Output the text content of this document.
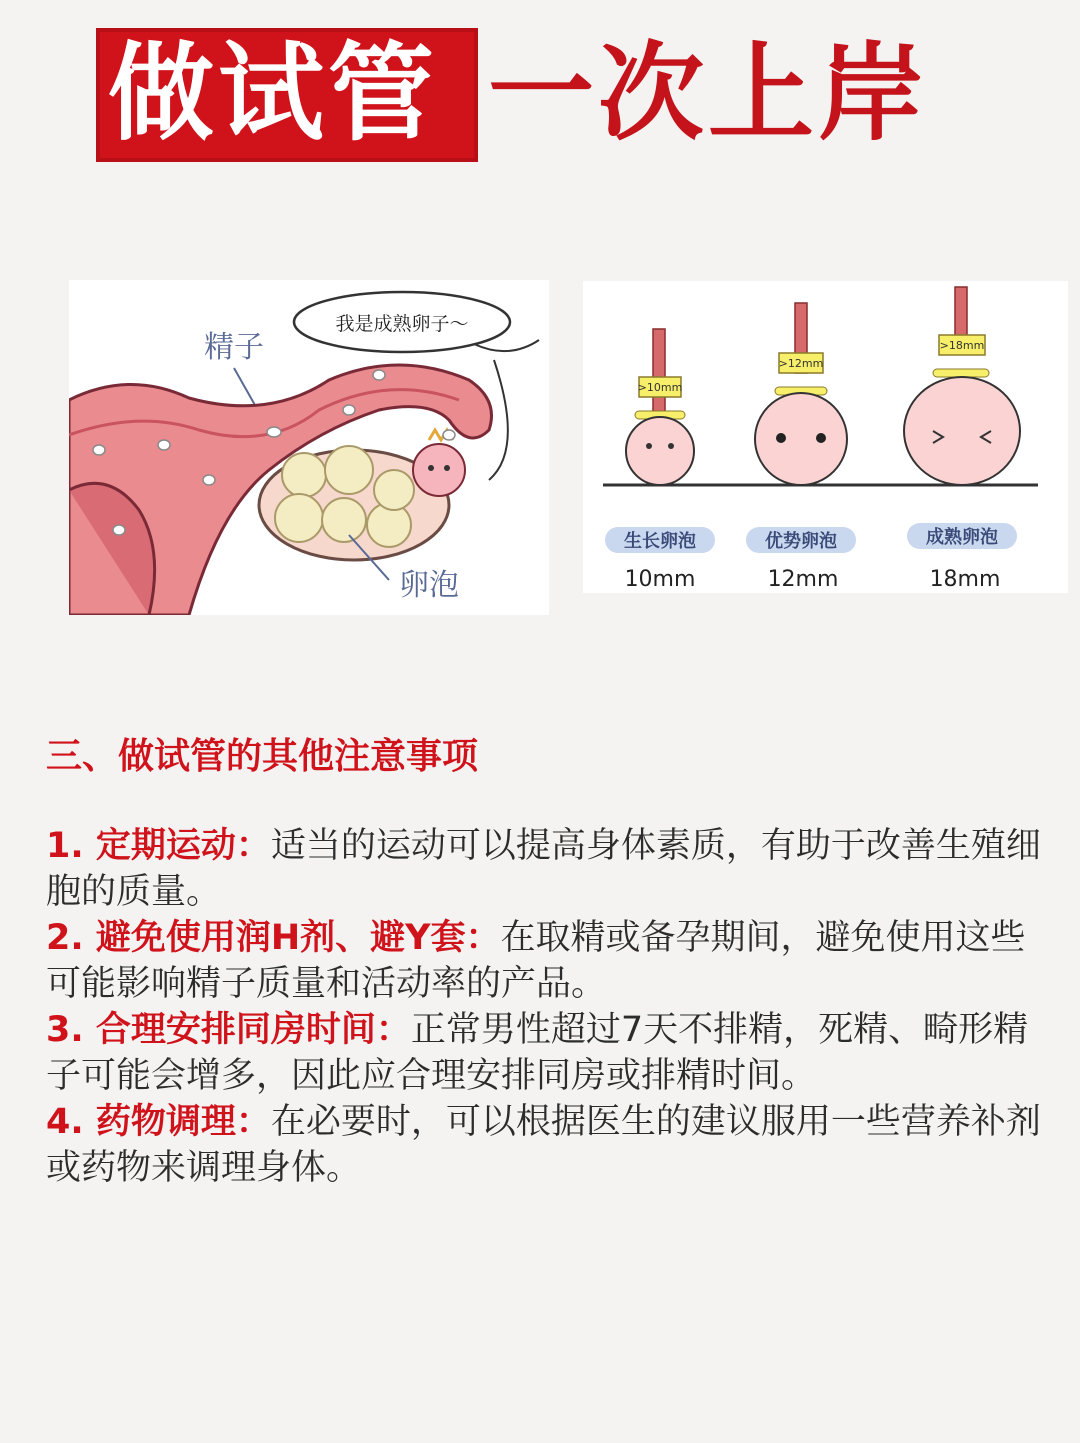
做试管 一次上岸
我是成熟卵子～
精子
卵泡
>10mm
>12mm
>18mm
生长卵泡	优势卵泡	成熟卵泡
10mm	12mm	18mm
三、做试管的其他注意事项

1. 定期运动：适当的运动可以提高身体素质，有助于改善生殖细胞的质量。

2. 避免使用润H剂、避Y套：在取精或备孕期间，避免使用这些可能影响精子质量和活动率的产品。

3. 合理安排同房时间：正常男性超过7天不排精，死精、畸形精子可能会增多，因此应合理安排同房或排精时间。

4. 药物调理：在必要时，可以根据医生的建议服用一些营养补剂或药物来调理身体。
